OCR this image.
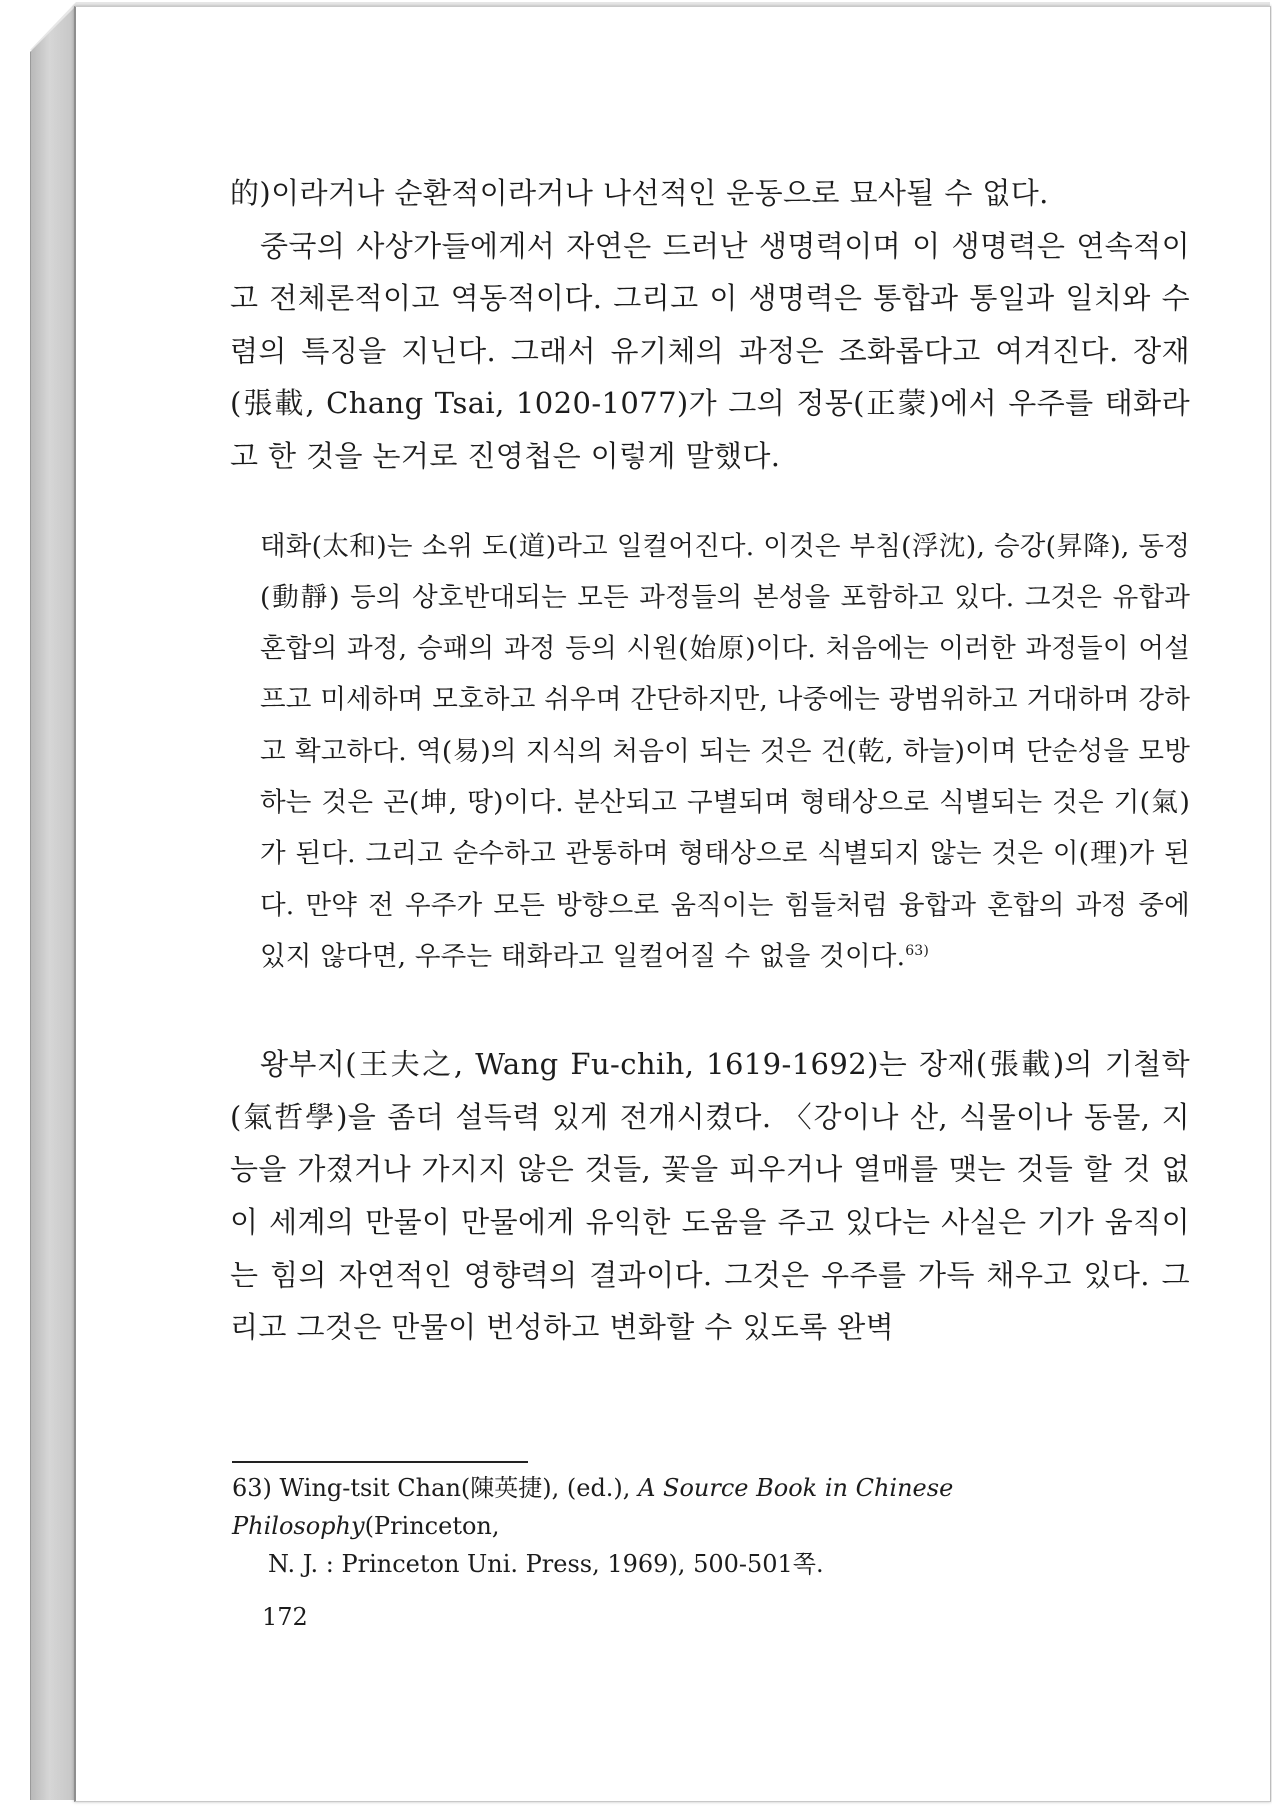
的)이라거나 순환적이라거나 나선적인 운동으로 묘사될 수 없다.

중국의 사상가들에게서 자연은 드러난 생명력이며 이 생명력은 연속적이고 전체론적이고 역동적이다. 그리고 이 생명력은 통합과 통일과 일치와 수렴의 특징을 지닌다. 그래서 유기체의 과정은 조화롭다고 여겨진다. 장재(張載, Chang Tsai, 1020-1077)가 그의 정몽(正蒙)에서 우주를 태화라고 한 것을 논거로 진영첩은 이렇게 말했다.

태화(太和)는 소위 도(道)라고 일컬어진다. 이것은 부침(浮沈), 승강(昇降), 동정(動靜) 등의 상호반대되는 모든 과정들의 본성을 포함하고 있다. 그것은 유합과 혼합의 과정, 승패의 과정 등의 시원(始原)이다. 처음에는 이러한 과정들이 어설프고 미세하며 모호하고 쉬우며 간단하지만, 나중에는 광범위하고 거대하며 강하고 확고하다. 역(易)의 지식의 처음이 되는 것은 건(乾, 하늘)이며 단순성을 모방하는 것은 곤(坤, 땅)이다. 분산되고 구별되며 형태상으로 식별되는 것은 기(氣)가 된다. 그리고 순수하고 관통하며 형태상으로 식별되지 않는 것은 이(理)가 된다. 만약 전 우주가 모든 방향으로 움직이는 힘들처럼 융합과 혼합의 과정 중에 있지 않다면, 우주는 태화라고 일컬어질 수 없을 것이다.$^{63)}$

왕부지(王夫之, Wang Fu-chih, 1619-1692)는 장재(張載)의 기철학(氣哲學)을 좀더 설득력 있게 전개시켰다. 〈강이나 산, 식물이나 동물, 지능을 가졌거나 가지지 않은 것들, 꽃을 피우거나 열매를 맺는 것들 할 것 없이 세계의 만물이 만물에게 유익한 도움을 주고 있다는 사실은 기가 움직이는 힘의 자연적인 영향력의 결과이다. 그것은 우주를 가득 채우고 있다. 그리고 그것은 만물이 번성하고 변화할 수 있도록 완벽

63) Wing-tsit Chan(陳英捷), (ed.), A Source Book in Chinese Philosophy(Princeton,
N. J. : Princeton Uni. Press, 1969), 500-501쪽.
172
